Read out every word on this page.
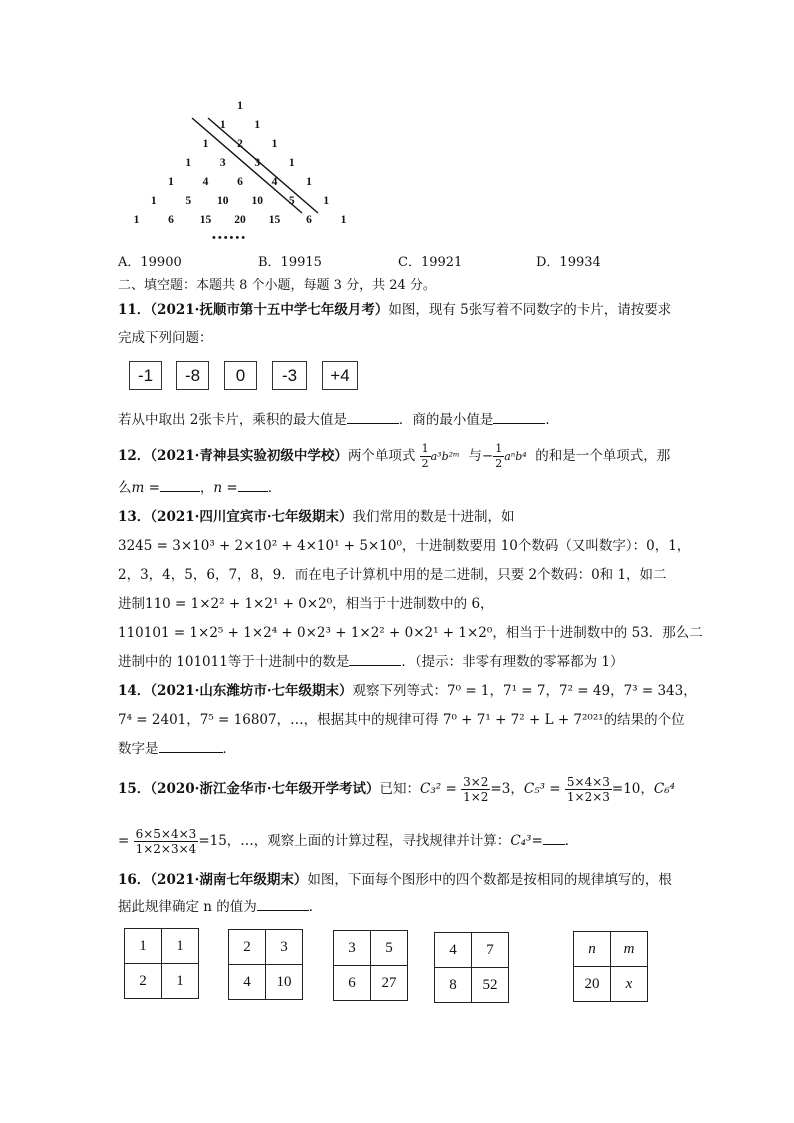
1
1	1
1	2	1
1	3	3	1
1	4	6	4	1
1	5	10	10	5	1
1	6	15	20	15	6	1
••••••
A．19900	B．19915	C．19921	D．19934
二、填空题：本题共 8 个小题，每题 3 分，共 24 分。
11．（2021·抚顺市第十五中学七年级月考）如图，现有 5张写着不同数字的卡片，请按要求
完成下列问题：
-1 -8 0 -3 +4
若从中取出 2张卡片，乘积的最大值是	．商的最小值是	．
12．（2021·青神县实验初级中学校）两个单项式 $\frac{1}{2}$ a³b²ᵐ 与− $\frac{1}{2} a^nb^4$ 的和是一个单项式，那
么m =	，n = ．
13．（2021·四川宜宾市·七年级期末）我们常用的数是十进制，如
3245 = 3×10³ + 2×10² + 4×10¹ + 5×10⁰，十进制数要用 10个数码（又叫数字）：0，1，
2，3，4，5，6，7，8，9．而在电子计算机中用的是二进制，只要 2个数码：0和 1，如二
进制110 = 1×2² + 1×2¹ + 0×2⁰，相当于十进制数中的 6，
110101 = 1×2⁵ + 1×2⁴ + 0×2³ + 1×2² + 0×2¹ + 1×2⁰，相当于十进制数中的 53．那么二
进制中的 101011等于十进制中的数是	．（提示：非零有理数的零幂都为 1）
14．（2021·山东潍坊市·七年级期末）观察下列等式：7⁰ = 1，7¹ = 7，7² = 49，7³ = 343，
7⁴ = 2401，7⁵ = 16807，…，根据其中的规律可得 7⁰ + 7¹ + 7² + L + 7²⁰²¹的结果的个位
数字是	．
15．（2020·浙江金华市·七年级开学考试）已知：$C_3^2 = \frac{3\times 2}{1\times 2} =3$，$C_5^3 = \frac{5\times 4\times 3}{1\times 2\times 3} =10$，C₆⁴
= $\frac{6\times 5\times 4\times 3}{1\times 2\times 3\times 4} =15$，…，观察上面的计算过程，寻找规律并计算：C₄³= ．
16．（2021·湖南七年级期末）如图，下面每个图形中的四个数都是按相同的规律填写的，根
据此规律确定 n 的值为	．
1	1
2	1
2	3
4	10
3	5
6	27
4	7
8	52
n	m
20	x
